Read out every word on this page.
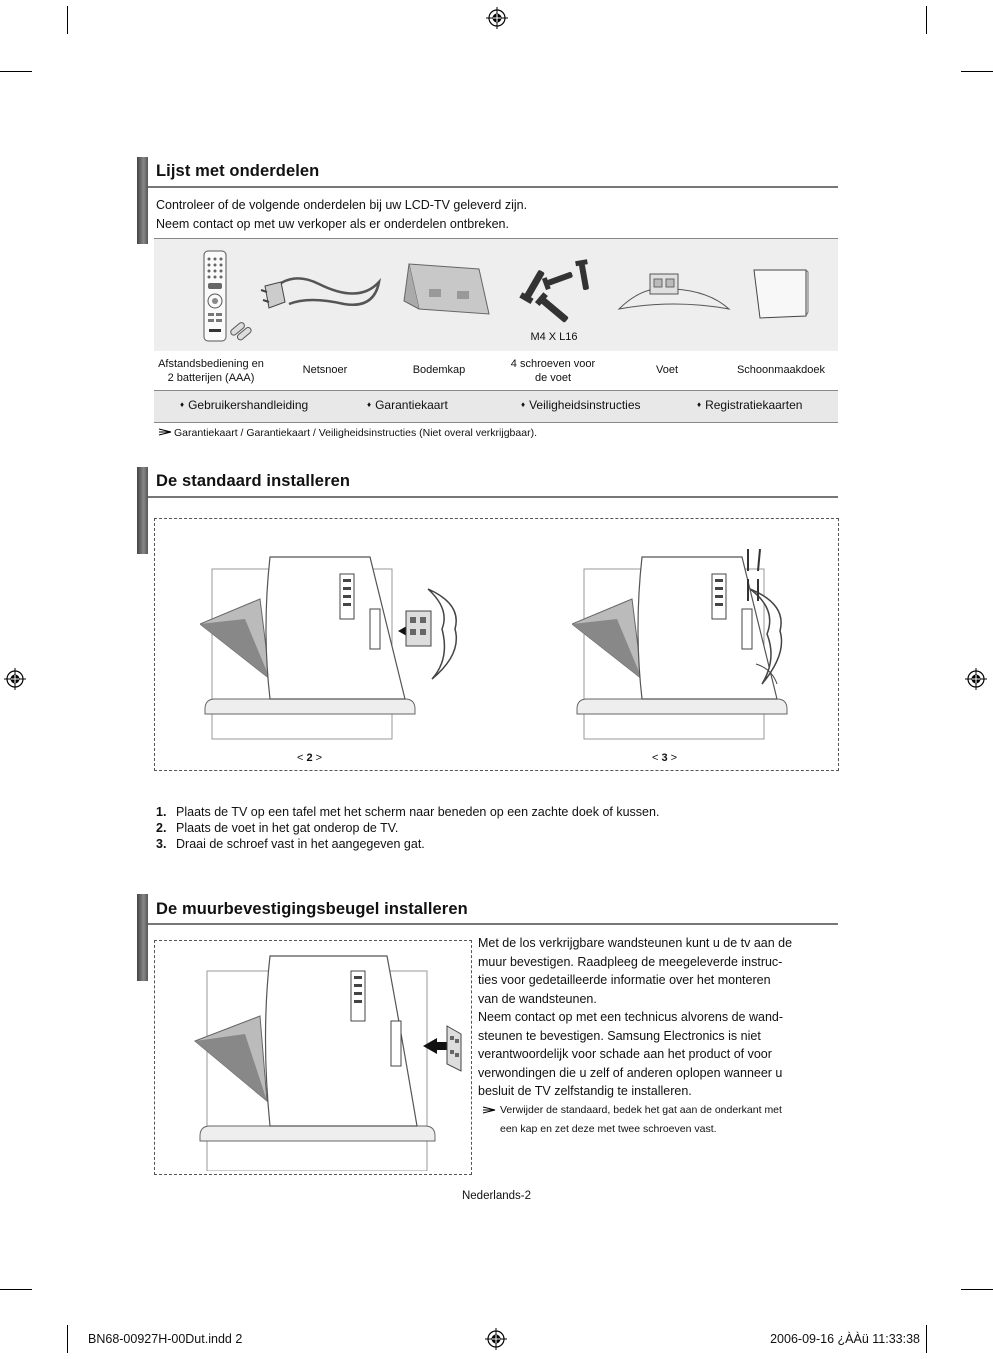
Lijst met onderdelen
Controleer of de volgende onderdelen bij uw LCD-TV geleverd zijn.
Neem contact op met uw verkoper als er onderdelen ontbreken.
M4 X L16
Afstandsbediening en
2 batterijen (AAA)
Netsnoer	Bodemkap	4 schroeven voor
de voet
Voet	Schoonmaakdoek
♦ Gebruikershandleiding	♦ Garantiekaart	♦ Veiligheidsinstructies	♦ Registratiekaarten
Garantiekaart / Garantiekaart / Veiligheidsinstructies (Niet overal verkrijgbaar).
De standaard installeren
< 2 >	< 3 >
1. Plaats de TV op een tafel met het scherm naar beneden op een zachte doek of kussen.
2. Plaats de voet in het gat onderop de TV.
3. Draai de schroef vast in het aangegeven gat.
De muurbevestigingsbeugel installeren
Met de los verkrijgbare wandsteunen kunt u de tv aan de
muur bevestigen. Raadpleeg de meegeleverde instruc-
ties voor gedetailleerde informatie over het monteren
van de wandsteunen.
Neem contact op met een technicus alvorens de wand-
steunen te bevestigen. Samsung Electronics is niet
verantwoordelijk voor schade aan het product of voor
verwondingen die u zelf of anderen oplopen wanneer u
besluit de TV zelfstandig te installeren.
Verwijder de standaard, bedek het gat aan de onderkant met
een kap en zet deze met twee schroeven vast.
Nederlands-2
BN68-00927H-00Dut.indd 2	2006-09-16 ¿ÀÀü 11:33:38
